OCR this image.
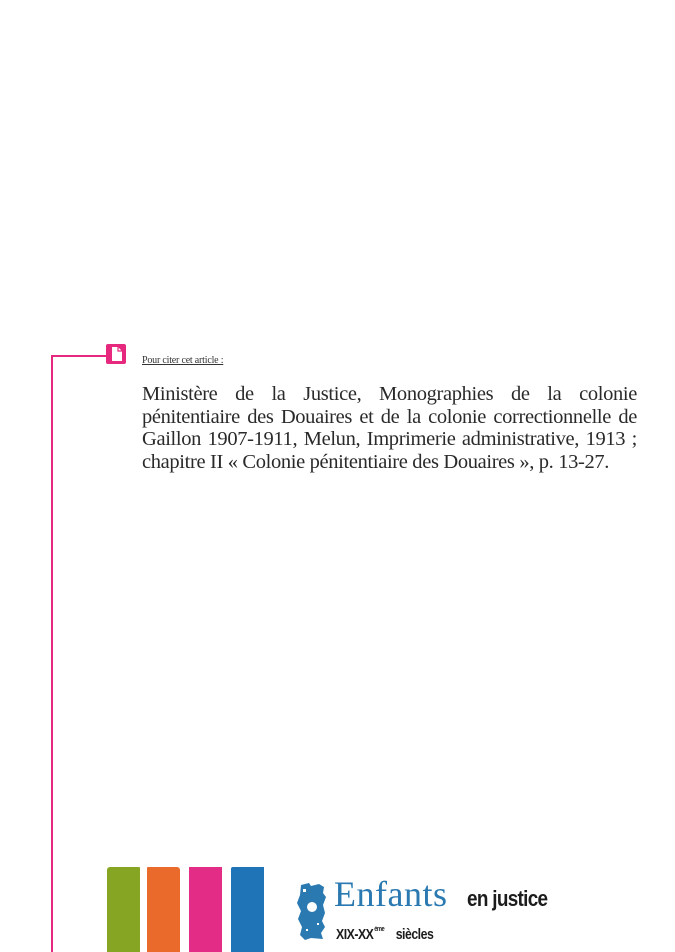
Pour citer cet article :
Ministère de la Justice, Monographies de la colonie pénitentiaire des Douaires et de la colonie correctionnelle de Gaillon 1907-1911, Melun, Imprimerie administrative, 1913 ; chapitre II « Colonie pénitentiaire des Douaires », p. 13-27.
Enfants en justice
XIX-XXème siècles
